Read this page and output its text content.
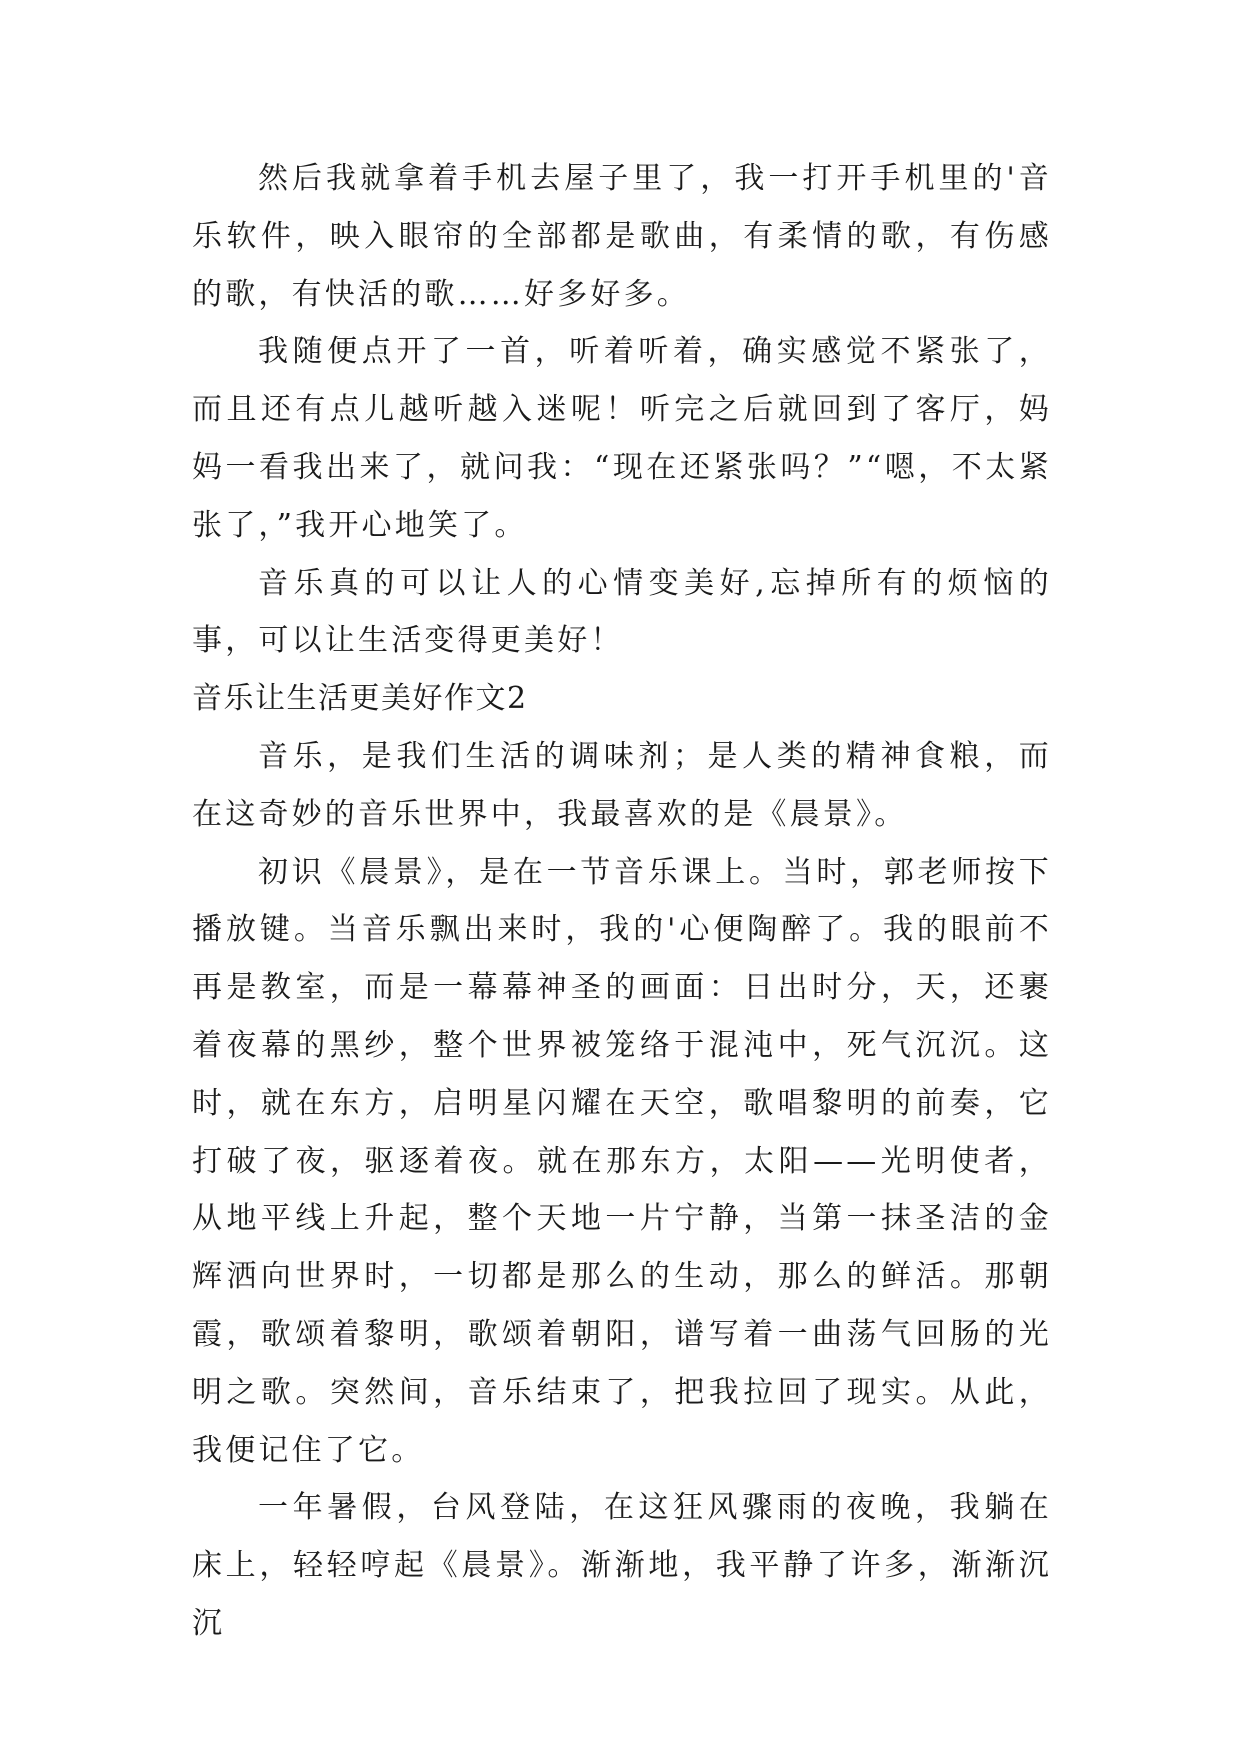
然后我就拿着手机去屋子里了，我一打开手机里的'音乐软件，映入眼帘的全部都是歌曲，有柔情的歌，有伤感的歌，有快活的歌……好多好多。

我随便点开了一首，听着听着，确实感觉不紧张了，而且还有点儿越听越入迷呢！听完之后就回到了客厅，妈妈一看我出来了，就问我：“现在还紧张吗？”“嗯，不太紧张了，”我开心地笑了。

音乐真的可以让人的心情变美好,忘掉所有的烦恼的事，可以让生活变得更美好！

音乐让生活更美好作文2

音乐，是我们生活的调味剂；是人类的精神食粮，而在这奇妙的音乐世界中，我最喜欢的是《晨景》。

初识《晨景》，是在一节音乐课上。当时，郭老师按下播放键。当音乐飘出来时，我的'心便陶醉了。我的眼前不再是教室，而是一幕幕神圣的画面：日出时分，天，还裹着夜幕的黑纱，整个世界被笼络于混沌中，死气沉沉。这时，就在东方，启明星闪耀在天空，歌唱黎明的前奏，它打破了夜，驱逐着夜。就在那东方，太阳——光明使者，从地平线上升起，整个天地一片宁静，当第一抹圣洁的金辉洒向世界时，一切都是那么的生动，那么的鲜活。那朝霞，歌颂着黎明，歌颂着朝阳，谱写着一曲荡气回肠的光明之歌。突然间，音乐结束了，把我拉回了现实。从此，我便记住了它。

一年暑假，台风登陆，在这狂风骤雨的夜晚，我躺在床上，轻轻哼起《晨景》。渐渐地，我平静了许多，渐渐沉沉
